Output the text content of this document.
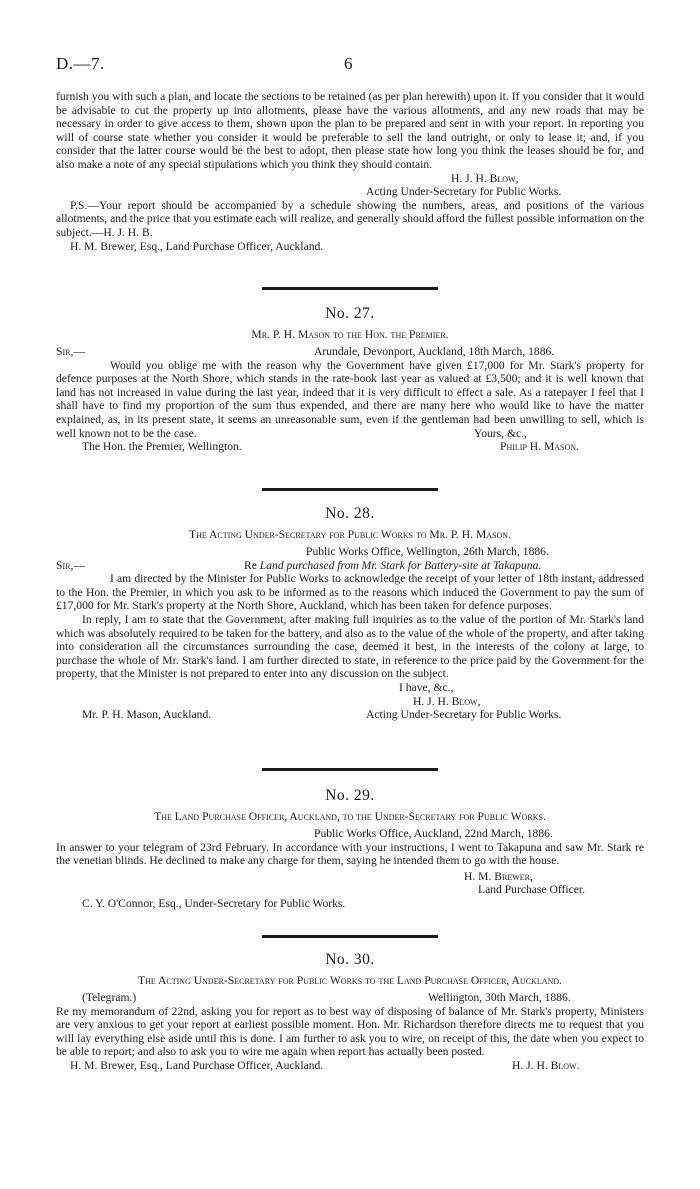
D.—7.	6

furnish you with such a plan, and locate the sections to be retained (as per plan herewith) upon it. If you consider that it would be advisable to cut the property up into allotments, please have the various allotments, and any new roads that may be necessary in order to give access to them, shown upon the plan to be prepared and sent in with your report. In reporting you will of course state whether you consider it would be preferable to sell the land outright, or only to lease it; and, if you consider that the latter course would be the best to adopt, then please state how long you think the leases should be for, and also make a note of any special stipulations which you think they should contain.

H. J. H. Blow,
Acting Under-Secretary for Public Works.

P.S.—Your report should be accompanied by a schedule showing the numbers, areas, and positions of the various allotments, and the price that you estimate each will realize, and generally should afford the fullest possible information on the subject.—H. J. H. B.

H. M. Brewer, Esq., Land Purchase Officer, Auckland.
No. 27.
Mr. P. H. Mason to the Hon. the Premier.
Sir,—	Arundale, Devonport, Auckland, 18th March, 1886.

Would you oblige me with the reason why the Government have given £17,000 for Mr. Stark's property for defence purposes at the North Shore, which stands in the rate-book last year as valued at £3,500; and it is well known that land has not increased in value during the last year, indeed that it is very difficult to effect a sale. As a ratepayer I feel that I shall have to find my proportion of the sum thus expended, and there are many here who would like to have the matter explained, as, in its present state, it seems an unreasonable sum, even if the gentleman had been unwilling to sell, which is well known not to be the case.	Yours, &c.,
The Hon. the Premier, Wellington.	Philip H. Mason.
No. 28.
The Acting Under-Secretary for Public Works to Mr. P. H. Mason.
Public Works Office, Wellington, 26th March, 1886.
Sir,—	Re Land purchased from Mr. Stark for Battery-site at Takapuna.

I am directed by the Minister for Public Works to acknowledge the receipt of your letter of 18th instant, addressed to the Hon. the Premier, in which you ask to be informed as to the reasons which induced the Government to pay the sum of £17,000 for Mr. Stark's property at the North Shore, Auckland, which has been taken for defence purposes.

In reply, I am to state that the Government, after making full inquiries as to the value of the portion of Mr. Stark's land which was absolutely required to be taken for the battery, and also as to the value of the whole of the property, and after taking into consideration all the circumstances surrounding the case, deemed it best, in the interests of the colony at large, to purchase the whole of Mr. Stark's land. I am further directed to state, in reference to the price paid by the Government for the property, that the Minister is not prepared to enter into any discussion on the subject.

I have, &c.,
H. J. H. Blow,
Mr. P. H. Mason, Auckland.	Acting Under-Secretary for Public Works.
No. 29.
The Land Purchase Officer, Auckland, to the Under-Secretary for Public Works.
Public Works Office, Auckland, 22nd March, 1886.

In answer to your telegram of 23rd February. In accordance with your instructions, I went to Takapuna and saw Mr. Stark re the venetian blinds. He declined to make any charge for them, saying he intended them to go with the house.

H. M. Brewer,
Land Purchase Officer.
C. Y. O'Connor, Esq., Under-Secretary for Public Works.
No. 30.
The Acting Under-Secretary for Public Works to the Land Purchase Officer, Auckland.
(Telegram.)	Wellington, 30th March, 1886.

Re my memorandum of 22nd, asking you for report as to best way of disposing of balance of Mr. Stark's property, Ministers are very anxious to get your report at earliest possible moment. Hon. Mr. Richardson therefore directs me to request that you will lay everything else aside until this is done. I am further to ask you to wire, on receipt of this, the date when you expect to be able to report; and also to ask you to wire me again when report has actually been posted.

H. M. Brewer, Esq., Land Purchase Officer, Auckland.	H. J. H. Blow.
